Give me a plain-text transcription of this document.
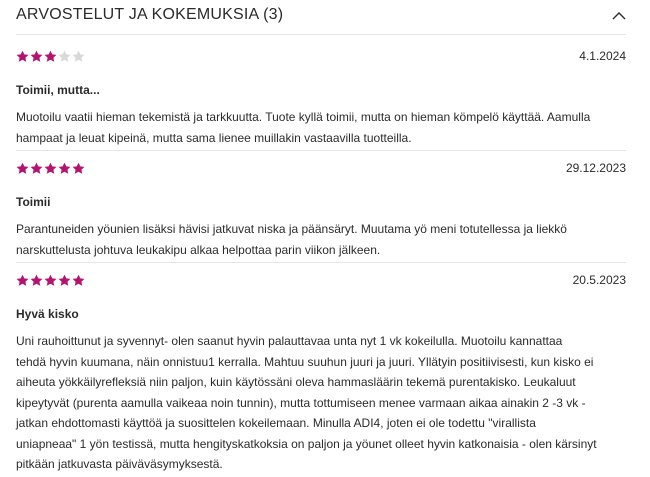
ARVOSTELUT JA KOKEMUKSIA (3)
4.1.2024
Toimii, mutta...
Muotoilu vaatii hieman tekemistä ja tarkkuutta. Tuote kyllä toimii, mutta on hieman kömpelö käyttää. Aamulla
hampaat ja leuat kipeinä, mutta sama lienee muillakin vastaavilla tuotteilla.
29.12.2023
Toimii
Parantuneiden yöunien lisäksi hävisi jatkuvat niska ja päänsäryt. Muutama yö meni totutellessa ja liekkö
narskuttelusta johtuva leukakipu alkaa helpottaa parin viikon jälkeen.
20.5.2023
Hyvä kisko
Uni rauhoittunut ja syvennyt- olen saanut hyvin palauttavaa unta nyt 1 vk kokeilulla. Muotoilu kannattaa
tehdä hyvin kuumana, näin onnistuu1 kerralla. Mahtuu suuhun juuri ja juuri. Yllätyin positiivisesti, kun kisko ei
aiheuta yökkäilyrefleksiä niin paljon, kuin käytössäni oleva hammasläärin tekemä purentakisko. Leukaluut
kipeytyvät (purenta aamulla vaikeaa noin tunnin), mutta tottumiseen menee varmaan aikaa ainakin 2 -3 vk -
jatkan ehdottomasti käyttöä ja suosittelen kokeilemaan. Minulla ADI4, joten ei ole todettu "virallista
uniapneaa" 1 yön testissä, mutta hengityskatkoksia on paljon ja yöunet olleet hyvin katkonaisia - olen kärsinyt
pitkään jatkuvasta päiväväsymyksestä.
